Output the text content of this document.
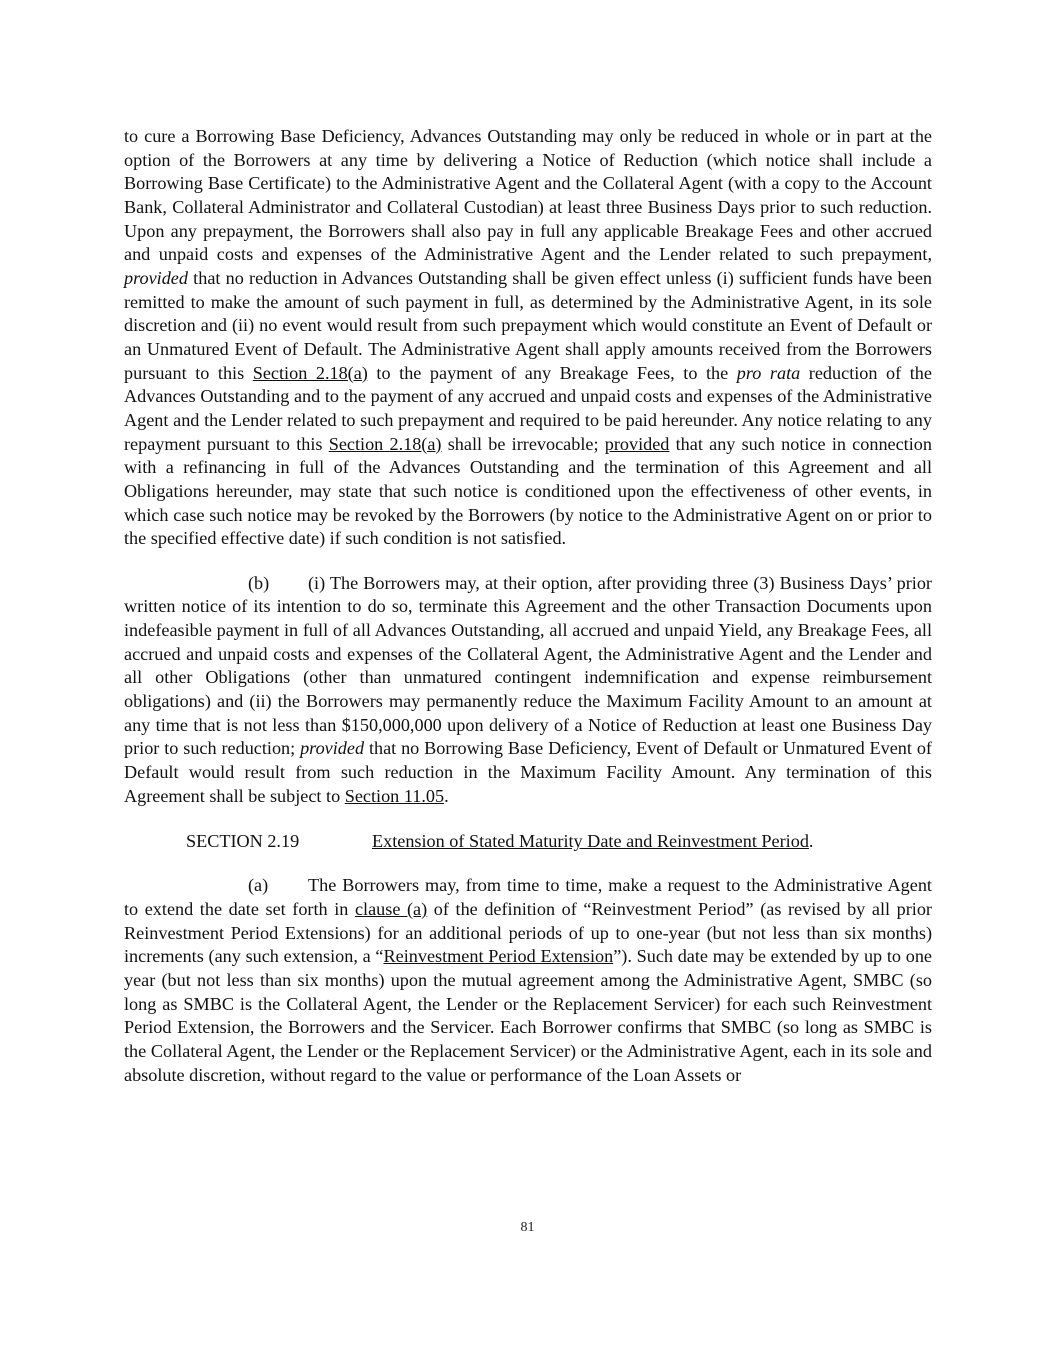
to cure a Borrowing Base Deficiency, Advances Outstanding may only be reduced in whole or in part at the option of the Borrowers at any time by delivering a Notice of Reduction (which notice shall include a Borrowing Base Certificate) to the Administrative Agent and the Collateral Agent (with a copy to the Account Bank, Collateral Administrator and Collateral Custodian) at least three Business Days prior to such reduction. Upon any prepayment, the Borrowers shall also pay in full any applicable Breakage Fees and other accrued and unpaid costs and expenses of the Administrative Agent and the Lender related to such prepayment, provided that no reduction in Advances Outstanding shall be given effect unless (i) sufficient funds have been remitted to make the amount of such payment in full, as determined by the Administrative Agent, in its sole discretion and (ii) no event would result from such prepayment which would constitute an Event of Default or an Unmatured Event of Default. The Administrative Agent shall apply amounts received from the Borrowers pursuant to this Section 2.18(a) to the payment of any Breakage Fees, to the pro rata reduction of the Advances Outstanding and to the payment of any accrued and unpaid costs and expenses of the Administrative Agent and the Lender related to such prepayment and required to be paid hereunder. Any notice relating to any repayment pursuant to this Section 2.18(a) shall be irrevocable; provided that any such notice in connection with a refinancing in full of the Advances Outstanding and the termination of this Agreement and all Obligations hereunder, may state that such notice is conditioned upon the effectiveness of other events, in which case such notice may be revoked by the Borrowers (by notice to the Administrative Agent on or prior to the specified effective date) if such condition is not satisfied.

(b) (i) The Borrowers may, at their option, after providing three (3) Business Days’ prior written notice of its intention to do so, terminate this Agreement and the other Transaction Documents upon indefeasible payment in full of all Advances Outstanding, all accrued and unpaid Yield, any Breakage Fees, all accrued and unpaid costs and expenses of the Collateral Agent, the Administrative Agent and the Lender and all other Obligations (other than unmatured contingent indemnification and expense reimbursement obligations) and (ii) the Borrowers may permanently reduce the Maximum Facility Amount to an amount at any time that is not less than $150,000,000 upon delivery of a Notice of Reduction at least one Business Day prior to such reduction; provided that no Borrowing Base Deficiency, Event of Default or Unmatured Event of Default would result from such reduction in the Maximum Facility Amount. Any termination of this Agreement shall be subject to Section 11.05.

SECTION 2.19	Extension of Stated Maturity Date and Reinvestment Period.

(a) The Borrowers may, from time to time, make a request to the Administrative Agent to extend the date set forth in clause (a) of the definition of “Reinvestment Period” (as revised by all prior Reinvestment Period Extensions) for an additional periods of up to one-year (but not less than six months) increments (any such extension, a “Reinvestment Period Extension”). Such date may be extended by up to one year (but not less than six months) upon the mutual agreement among the Administrative Agent, SMBC (so long as SMBC is the Collateral Agent, the Lender or the Replacement Servicer) for each such Reinvestment Period Extension, the Borrowers and the Servicer. Each Borrower confirms that SMBC (so long as SMBC is the Collateral Agent, the Lender or the Replacement Servicer) or the Administrative Agent, each in its sole and absolute discretion, without regard to the value or performance of the Loan Assets or

81
